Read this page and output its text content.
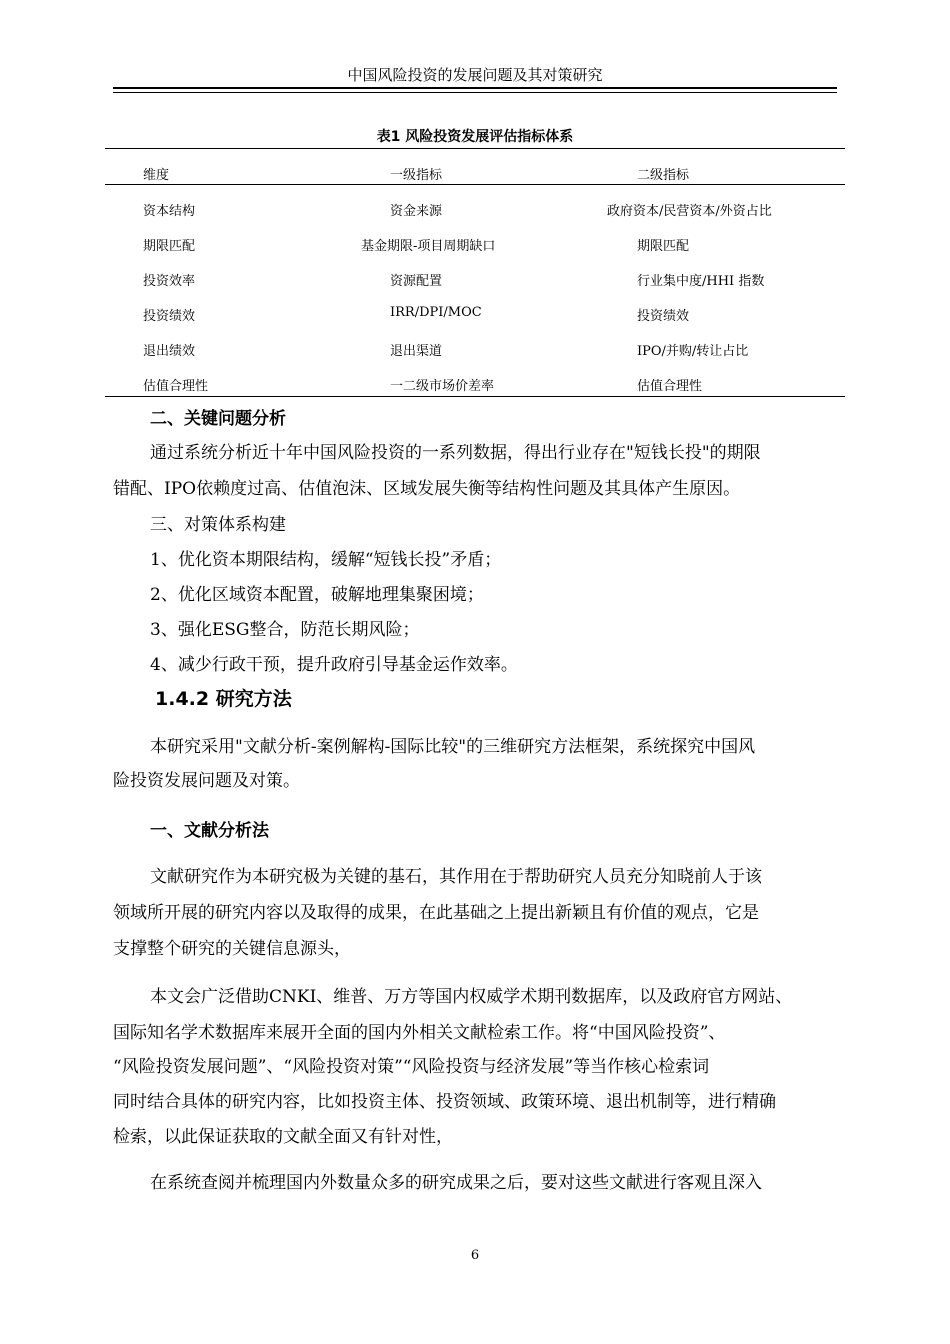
中国风险投资的发展问题及其对策研究
表1 风险投资发展评估指标体系
维度	一级指标	二级指标
资本结构	资金来源	政府资本/民营资本/外资占比
期限匹配	基金期限-项目周期缺口	期限匹配
投资效率	资源配置	行业集中度/HHI 指数
投资绩效	IRR/DPI/MOC	投资绩效
退出绩效	退出渠道	IPO/并购/转让占比
估值合理性	一二级市场价差率	估值合理性
二、关键问题分析
通过系统分析近十年中国风险投资的一系列数据，得出行业存在"短钱长投"的期限
错配、IPO依赖度过高、估值泡沫、区域发展失衡等结构性问题及其具体产生原因。
三、对策体系构建
1、优化资本期限结构，缓解“短钱长投”矛盾；
2、优化区域资本配置，破解地理集聚困境；
3、强化ESG整合，防范长期风险；
4、减少行政干预，提升政府引导基金运作效率。
1.4.2 研究方法
本研究采用"文献分析-案例解构-国际比较"的三维研究方法框架，系统探究中国风
险投资发展问题及对策。
一、文献分析法
文献研究作为本研究极为关键的基石，其作用在于帮助研究人员充分知晓前人于该
领域所开展的研究内容以及取得的成果，在此基础之上提出新颖且有价值的观点，它是
支撑整个研究的关键信息源头，
本文会广泛借助CNKI、维普、万方等国内权威学术期刊数据库，以及政府官方网站、
国际知名学术数据库来展开全面的国内外相关文献检索工作。将“中国风险投资”、
“风险投资发展问题”、“风险投资对策”“风险投资与经济发展”等当作核心检索词
同时结合具体的研究内容，比如投资主体、投资领域、政策环境、退出机制等，进行精确
检索，以此保证获取的文献全面又有针对性，
在系统查阅并梳理国内外数量众多的研究成果之后，要对这些文献进行客观且深入
6
